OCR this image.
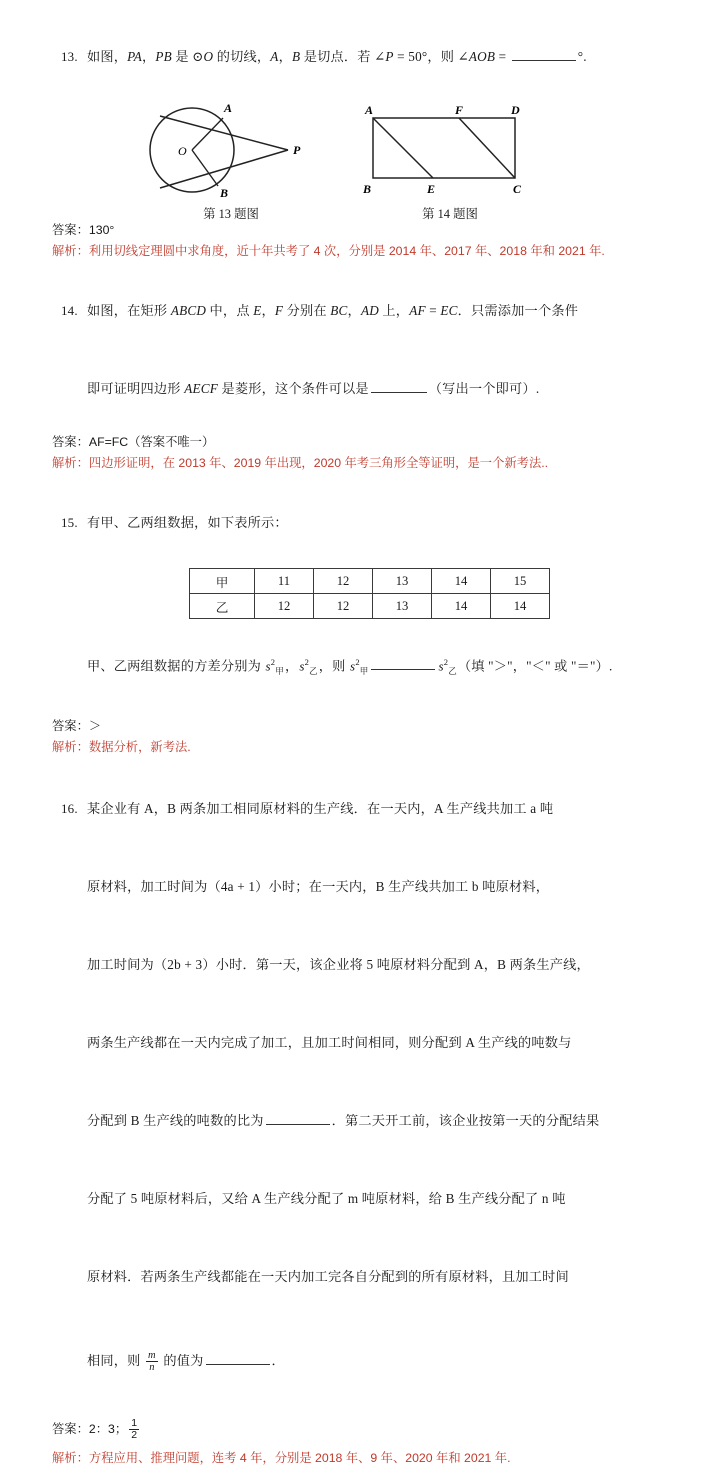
13. 如图，PA，PB 是 ⊙O 的切线，A，B 是切点．若 ∠P = 50°，则 ∠AOB =	°.

O
A
B
P
第 13 题图
A	F	D
B	E	C
第 14 题图
答案：130°
解析：利用切线定理圆中求角度，近十年共考了 4 次，分别是 2014 年、2017 年、2018 年和 2021 年.

14. 如图，在矩形 ABCD 中，点 E，F 分别在 BC，AD 上，AF = EC．只需添加一个条件

即可证明四边形 AECF 是菱形，这个条件可以是	（写出一个即可）.

答案：AF=FC（答案不唯一）
解析：四边形证明，在 2013 年、2019 年出现，2020 年考三角形全等证明，是一个新考法..

15. 有甲、乙两组数据，如下表所示：

甲	11	12	13	14	15
乙	12	12	13	14	14

甲、乙两组数据的方差分别为 $s^2_甲$，$s^2_乙$，则 $s^2_甲$	$s^2_乙$（填 "＞"，"＜" 或 "＝"）.

答案：＞
解析：数据分析，新考法.

16. 某企业有 A，B 两条加工相同原材料的生产线．在一天内，A 生产线共加工 a 吨

原材料，加工时间为（4a + 1）小时；在一天内，B 生产线共加工 b 吨原材料，

加工时间为（2b + 3）小时．第一天，该企业将 5 吨原材料分配到 A，B 两条生产线，

两条生产线都在一天内完成了加工，且加工时间相同，则分配到 A 生产线的吨数与

分配到 B 生产线的吨数的比为	．第二天开工前，该企业按第一天的分配结果

分配了 5 吨原材料后，又给 A 生产线分配了 m 吨原材料，给 B 生产线分配了 n 吨

原材料．若两条生产线都能在一天内加工完各自分配到的所有原材料，且加工时间

相同，则 $\frac{m}{n}$ 的值为	．

答案：2：3； $\frac{1}{2}$
解析：方程应用、推理问题，连考 4 年，分别是 2018 年、9 年、2020 年和 2021 年.
